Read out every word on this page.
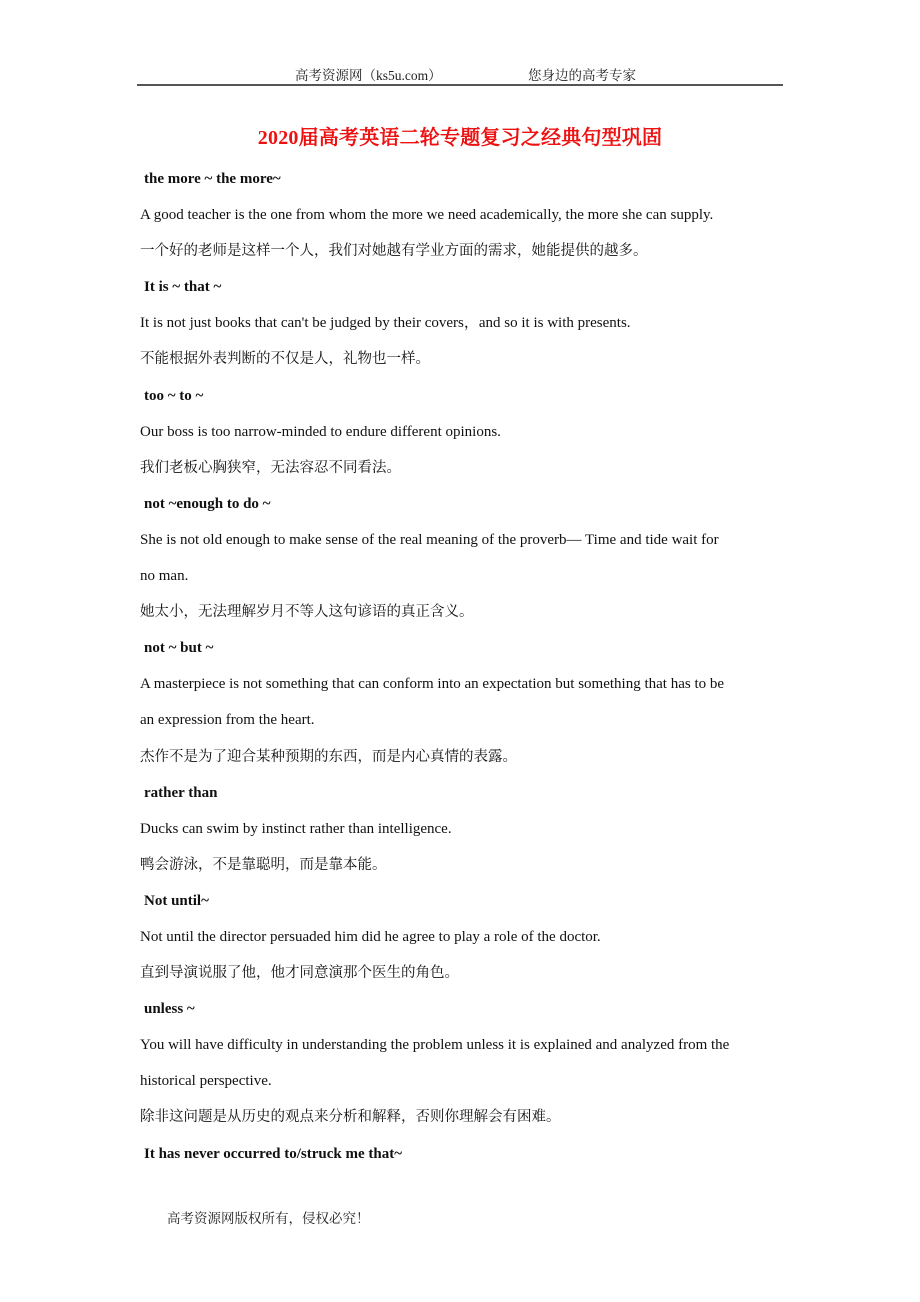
高考资源网（ks5u.com）	您身边的高考专家
2020届高考英语二轮专题复习之经典句型巩固
the more ~ the more~
A good teacher is the one from whom the more we need academically, the more she can supply.
一个好的老师是这样一个人，我们对她越有学业方面的需求，她能提供的越多。
It is ~ that ~
It is not just books that can't be judged by their covers，and so it is with presents.
不能根据外表判断的不仅是人，礼物也一样。
too ~ to ~
Our boss is too narrow-minded to endure different opinions.
我们老板心胸狭窄，无法容忍不同看法。
not ~enough to do ~
She is not old enough to make sense of the real meaning of the proverb— Time and tide wait for
no man.
她太小，无法理解岁月不等人这句谚语的真正含义。
not ~ but ~
A masterpiece is not something that can conform into an expectation but something that has to be
an expression from the heart.
杰作不是为了迎合某种预期的东西，而是内心真情的表露。
rather than
Ducks can swim by instinct rather than intelligence.
鸭会游泳，不是靠聪明，而是靠本能。
Not until~
Not until the director persuaded him did he agree to play a role of the doctor.
直到导演说服了他，他才同意演那个医生的角色。
unless ~
You will have difficulty in understanding the problem unless it is explained and analyzed from the
historical perspective.
除非这问题是从历史的观点来分析和解释，否则你理解会有困难。
It has never occurred to/struck me that~
高考资源网版权所有，侵权必究！
